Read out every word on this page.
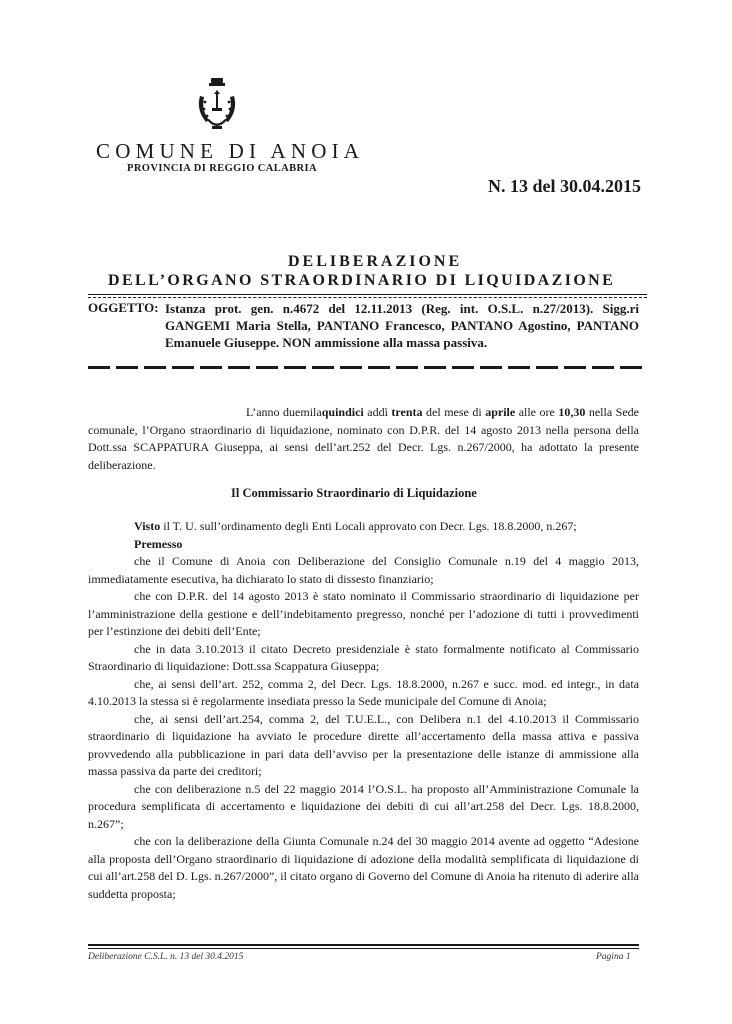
COMUNE DI ANOIA
PROVINCIA DI REGGIO CALABRIA
N. 13 del 30.04.2015
DELIBERAZIONE
DELL’ORGANO STRAORDINARIO DI LIQUIDAZIONE
OGGETTO: Istanza prot. gen. n.4672 del 12.11.2013 (Reg. int. O.S.L. n.27/2013). Sigg.ri GANGEMI Maria Stella, PANTANO Francesco, PANTANO Agostino, PANTANO Emanuele Giuseppe. NON ammissione alla massa passiva.

L’anno duemilaquindici addì trenta del mese di aprile alle ore 10,30 nella Sede comunale, l’Organo straordinario di liquidazione, nominato con D.P.R. del 14 agosto 2013 nella persona della Dott.ssa SCAPPATURA Giuseppa, ai sensi dell’art.252 del Decr. Lgs. n.267/2000, ha adottato la presente deliberazione.

Il Commissario Straordinario di Liquidazione

Visto il T. U. sull’ordinamento degli Enti Locali approvato con Decr. Lgs. 18.8.2000, n.267;

Premesso

che il Comune di Anoia con Deliberazione del Consiglio Comunale n.19 del 4 maggio 2013, immediatamente esecutiva, ha dichiarato lo stato di dissesto finanziario;

che con D.P.R. del 14 agosto 2013 è stato nominato il Commissario straordinario di liquidazione per l’amministrazione della gestione e dell’indebitamento pregresso, nonché per l’adozione di tutti i provvedimenti per l’estinzione dei debiti dell’Ente;

che in data 3.10.2013 il citato Decreto presidenziale è stato formalmente notificato al Commissario Straordinario di liquidazione: Dott.ssa Scappatura Giuseppa;

che, ai sensi dell’art. 252, comma 2, del Decr. Lgs. 18.8.2000, n.267 e succ. mod. ed integr., in data 4.10.2013 la stessa si è regolarmente insediata presso la Sede municipale del Comune di Anoia;

che, ai sensi dell’art.254, comma 2, del T.U.E.L., con Delibera n.1 del 4.10.2013 il Commissario straordinario di liquidazione ha avviato le procedure dirette all’accertamento della massa attiva e passiva provvedendo alla pubblicazione in pari data dell’avviso per la presentazione delle istanze di ammissione alla massa passiva da parte dei creditori;

che con deliberazione n.5 del 22 maggio 2014 l’O.S.L. ha proposto all’Amministrazione Comunale la procedura semplificata di accertamento e liquidazione dei debiti di cui all’art.258 del Decr. Lgs. 18.8.2000, n.267”;

che con la deliberazione della Giunta Comunale n.24 del 30 maggio 2014 avente ad oggetto “Adesione alla proposta dell’Organo straordinario di liquidazione di adozione della modalità semplificata di liquidazione di cui all’art.258 del D. Lgs. n.267/2000”, il citato organo di Governo del Comune di Anoia ha ritenuto di aderire alla suddetta proposta;

Deliberazione C.S.L. n. 13 del 30.4.2015	Pagina 1
